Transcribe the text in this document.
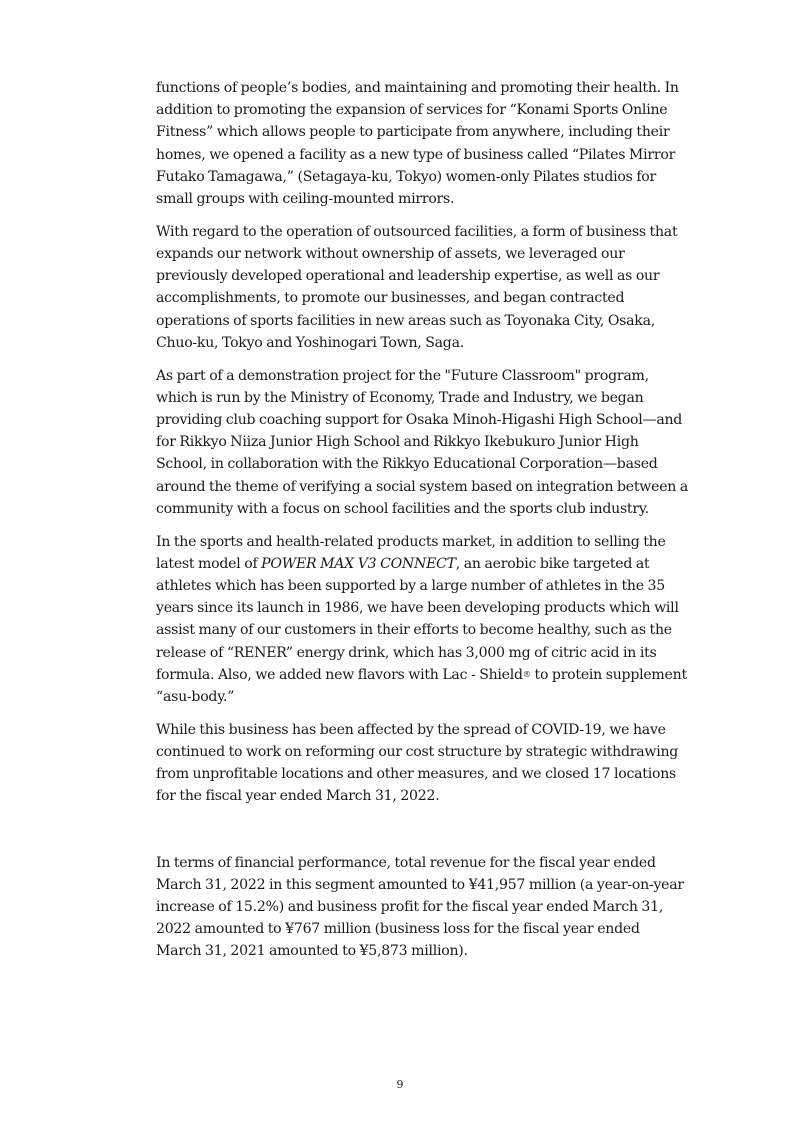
functions of people’s bodies, and maintaining and promoting their health. In addition to promoting the expansion of services for “Konami Sports Online Fitness” which allows people to participate from anywhere, including their homes, we opened a facility as a new type of business called “Pilates Mirror Futako Tamagawa,” (Setagaya-ku, Tokyo) women-only Pilates studios for small groups with ceiling-mounted mirrors.

With regard to the operation of outsourced facilities, a form of business that expands our network without ownership of assets, we leveraged our previously developed operational and leadership expertise, as well as our accomplishments, to promote our businesses, and began contracted operations of sports facilities in new areas such as Toyonaka City, Osaka, Chuo-ku, Tokyo and Yoshinogari Town, Saga.

As part of a demonstration project for the "Future Classroom" program, which is run by the Ministry of Economy, Trade and Industry, we began providing club coaching support for Osaka Minoh-Higashi High School—and for Rikkyo Niiza Junior High School and Rikkyo Ikebukuro Junior High School, in collaboration with the Rikkyo Educational Corporation—based around the theme of verifying a social system based on integration between a community with a focus on school facilities and the sports club industry.

In the sports and health-related products market, in addition to selling the latest model of POWER MAX V3 CONNECT, an aerobic bike targeted at athletes which has been supported by a large number of athletes in the 35 years since its launch in 1986, we have been developing products which will assist many of our customers in their efforts to become healthy, such as the release of “RENER” energy drink, which has 3,000 mg of citric acid in its formula. Also, we added new flavors with Lac - Shield® to protein supplement “asu-body.”

While this business has been affected by the spread of COVID-19, we have continued to work on reforming our cost structure by strategic withdrawing from unprofitable locations and other measures, and we closed 17 locations for the fiscal year ended March 31, 2022.

In terms of financial performance, total revenue for the fiscal year ended March 31, 2022 in this segment amounted to ¥41,957 million (a year-on-year increase of 15.2%) and business profit for the fiscal year ended March 31, 2022 amounted to ¥767 million (business loss for the fiscal year ended March 31, 2021 amounted to ¥5,873 million).

9
